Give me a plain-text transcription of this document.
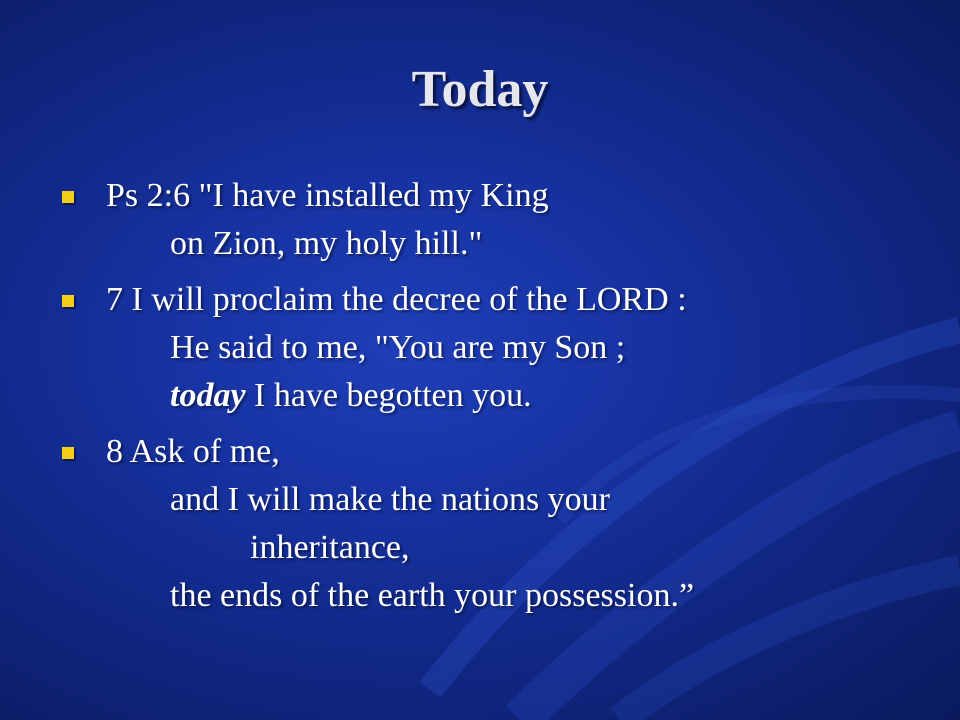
Today
Ps 2:6 "I have installed my King
on Zion, my holy hill."
7 I will proclaim the decree of the LORD :
He said to me, "You are my Son ;
today I have begotten you.
8 Ask of me,
and I will make the nations your
inheritance,
the ends of the earth your possession.”
